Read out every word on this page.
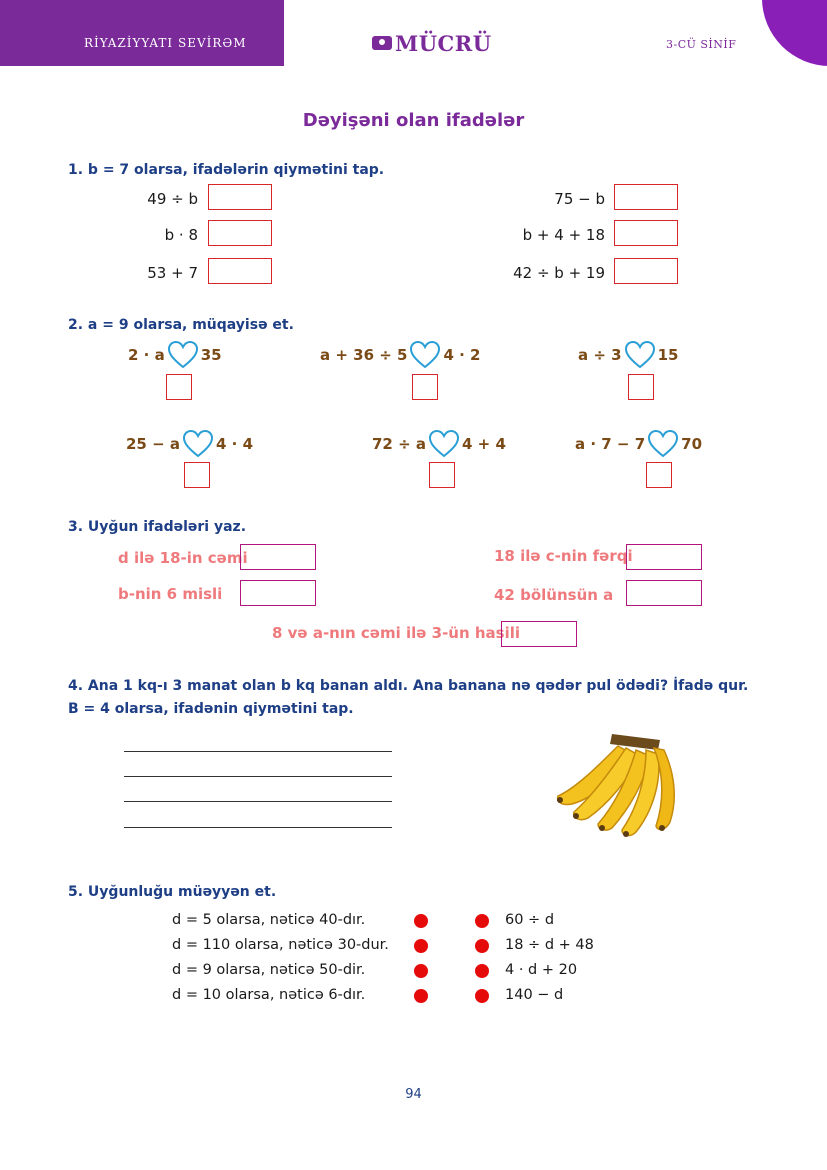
RİYAZİYYATI SEVİRƏM	MÜCRÜ	3-CÜ SİNİF
Dəyişəni olan ifadələr
1. b = 7 olarsa, ifadələrin qiymətini tap.
49 ÷ b
b · 8
53 + 7
75 − b
b + 4 + 18
42 ÷ b + 19
2. a = 9 olarsa, müqayisə et.
2 · a 35	a + 36 ÷ 5 4 · 2	a ÷ 3 15
25 − a 4 · 4	72 ÷ a 4 + 4	a · 7 − 7 70
3. Uyğun ifadələri yaz.
d ilə 18-in cəmi
b-nin 6 misli
18 ilə c-nin fərqi
42 bölünsün a
8 və a-nın cəmi ilə 3-ün hasili
4. Ana 1 kq-ı 3 manat olan b kq banan aldı. Ana banana nə qədər pul ödədi? İfadə qur.
B = 4 olarsa, ifadənin qiymətini tap.
5. Uyğunluğu müəyyən et.
d = 5 olarsa, nəticə 40-dır.
d = 110 olarsa, nəticə 30-dur.
d = 9 olarsa, nəticə 50-dir.
d = 10 olarsa, nəticə 6-dır.
60 ÷ d
18 ÷ d + 48
4 · d + 20
140 − d
94
